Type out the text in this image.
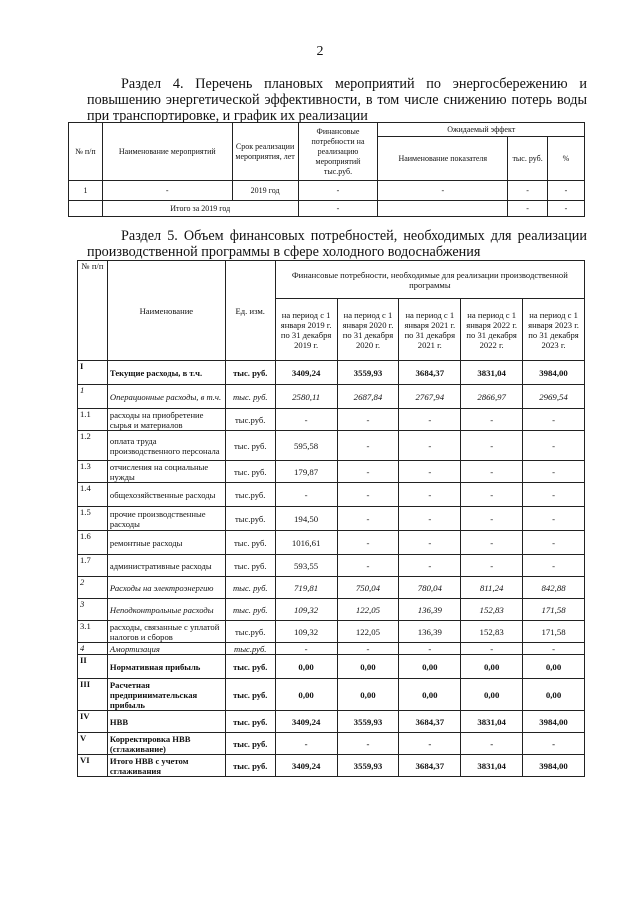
2
Раздел 4. Перечень плановых мероприятий по энергосбережению и повышению энергетической эффективности, в том числе снижению потерь воды при транспортировке, и график их реализации
№ п/п	Наименование мероприятий	Срок реализации мероприятия, лет	Финансовые потребности на реализацию мероприятий тыс.руб.	Ожидаемый эффект		
				Наименование показателя	тыс. руб.	%
1	-	2019 год	-	-	-	-
	Итого за 2019 год		-		-	-
Раздел 5. Объем финансовых потребностей, необходимых для реализации производственной программы в сфере холодного водоснабжения
№ п/п	Наименование	Ед. изм.	Финансовые потребности, необходимые для реализации производственной программы				
			на период с 1 января 2019 г. по 31 декабря 2019 г.	на период с 1 января 2020 г. по 31 декабря 2020 г.	на период с 1 января 2021 г. по 31 декабря 2021 г.	на период с 1 января 2022 г. по 31 декабря 2022 г.	на период с 1 января 2023 г. по 31 декабря 2023 г.
I	Текущие расходы, в т.ч.	тыс. руб.	3409,24	3559,93	3684,37	3831,04	3984,00
1	Операционные расходы, в т.ч.	тыс. руб.	2580,11	2687,84	2767,94	2866,97	2969,54
1.1	расходы на приобретение сырья и материалов	тыс.руб.	-	-	-	-	-
1.2	оплата труда производственного персонала	тыс. руб.	595,58	-	-	-	-
1.3	отчисления на социальные нужды	тыс. руб.	179,87	-	-	-	-
1.4	общехозяйственные расходы	тыс.руб.	-	-	-	-	-
1.5	прочие производственные расходы	тыс.руб.	194,50	-	-	-	-
1.6	ремонтные расходы	тыс. руб.	1016,61	-	-	-	-
1.7	административные расходы	тыс. руб.	593,55	-	-	-	-
2	Расходы на электроэнергию	тыс. руб.	719,81	750,04	780,04	811,24	842,88
3	Неподконтрольные расходы	тыс. руб.	109,32	122,05	136,39	152,83	171,58
3.1	расходы, связанные с уплатой налогов и сборов	тыс.руб.	109,32	122,05	136,39	152,83	171,58
4	Амортизация	тыс.руб.	-	-	-	-	-
II	Нормативная прибыль	тыс. руб.	0,00	0,00	0,00	0,00	0,00
III	Расчетная предпринимательская прибыль	тыс. руб.	0,00	0,00	0,00	0,00	0,00
IV	НВВ	тыс. руб.	3409,24	3559,93	3684,37	3831,04	3984,00
V	Корректировка НВВ (сглаживание)	тыс. руб.	-	-	-	-	-
VI	Итого НВВ с учетом сглаживания	тыс. руб.	3409,24	3559,93	3684,37	3831,04	3984,00
